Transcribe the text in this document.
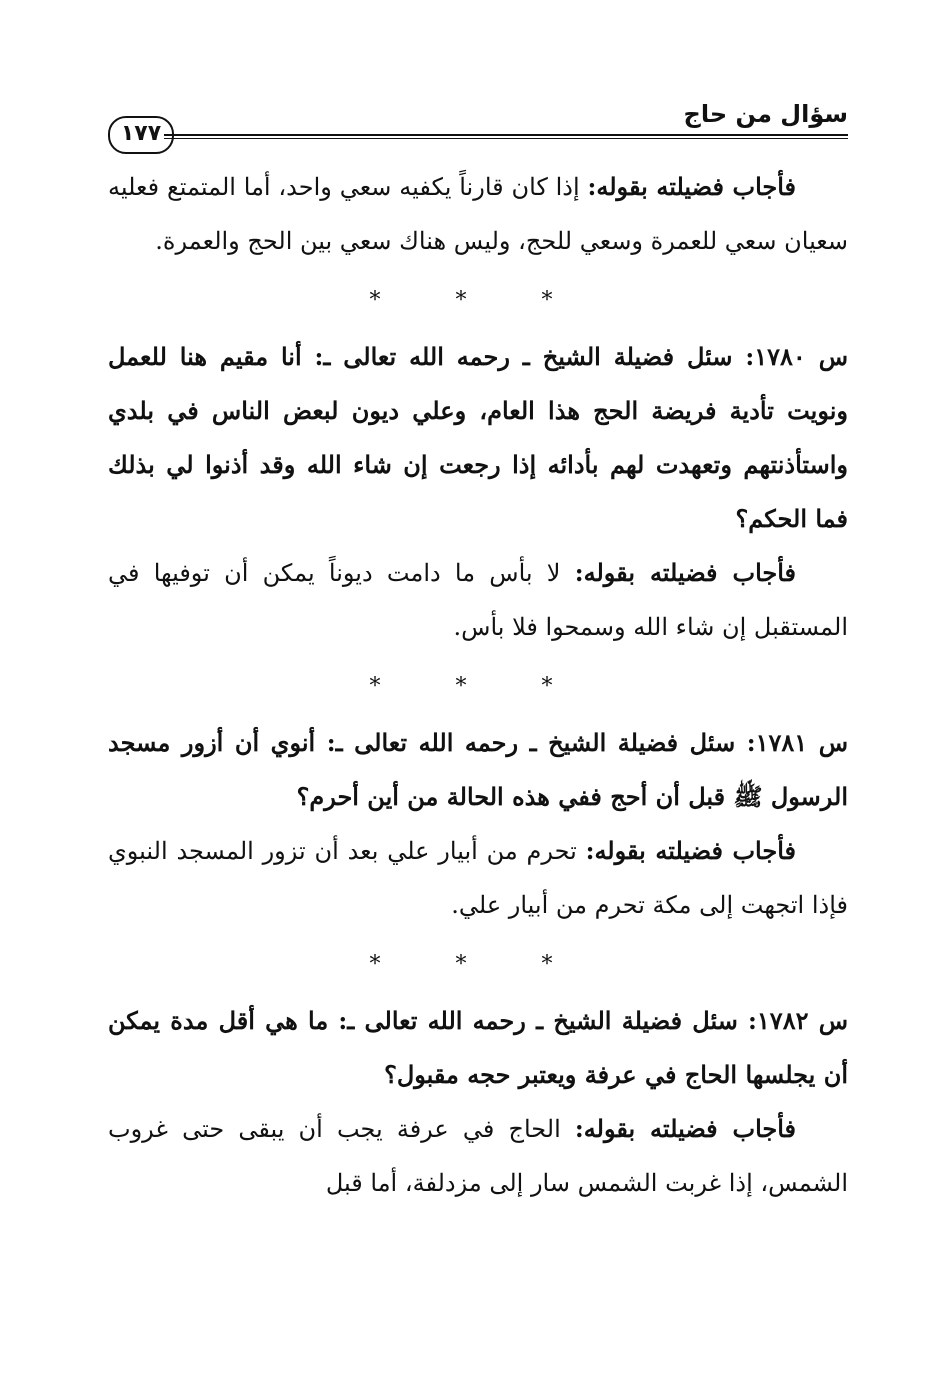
سؤال من حاج
١٧٧

فأجاب فضيلته بقوله: إذا كان قارناً يكفيه سعي واحد، أما المتمتع فعليه سعيان سعي للعمرة وسعي للحج، وليس هناك سعي بين الحج والعمرة.

* * *

س ١٧٨٠: سئل فضيلة الشيخ ـ رحمه الله تعالى ـ: أنا مقيم هنا للعمل ونويت تأدية فريضة الحج هذا العام، وعلي ديون لبعض الناس في بلدي واستأذنتهم وتعهدت لهم بأدائه إذا رجعت إن شاء الله وقد أذنوا لي بذلك فما الحكم؟

فأجاب فضيلته بقوله: لا بأس ما دامت ديوناً يمكن أن توفيها في المستقبل إن شاء الله وسمحوا فلا بأس.

* * *

س ١٧٨١: سئل فضيلة الشيخ ـ رحمه الله تعالى ـ: أنوي أن أزور مسجد الرسول ﷺ قبل أن أحج ففي هذه الحالة من أين أحرم؟

فأجاب فضيلته بقوله: تحرم من أبيار علي بعد أن تزور المسجد النبوي فإذا اتجهت إلى مكة تحرم من أبيار علي.

* * *

س ١٧٨٢: سئل فضيلة الشيخ ـ رحمه الله تعالى ـ: ما هي أقل مدة يمكن أن يجلسها الحاج في عرفة ويعتبر حجه مقبول؟

فأجاب فضيلته بقوله: الحاج في عرفة يجب أن يبقى حتى غروب الشمس، إذا غربت الشمس سار إلى مزدلفة، أما قبل
